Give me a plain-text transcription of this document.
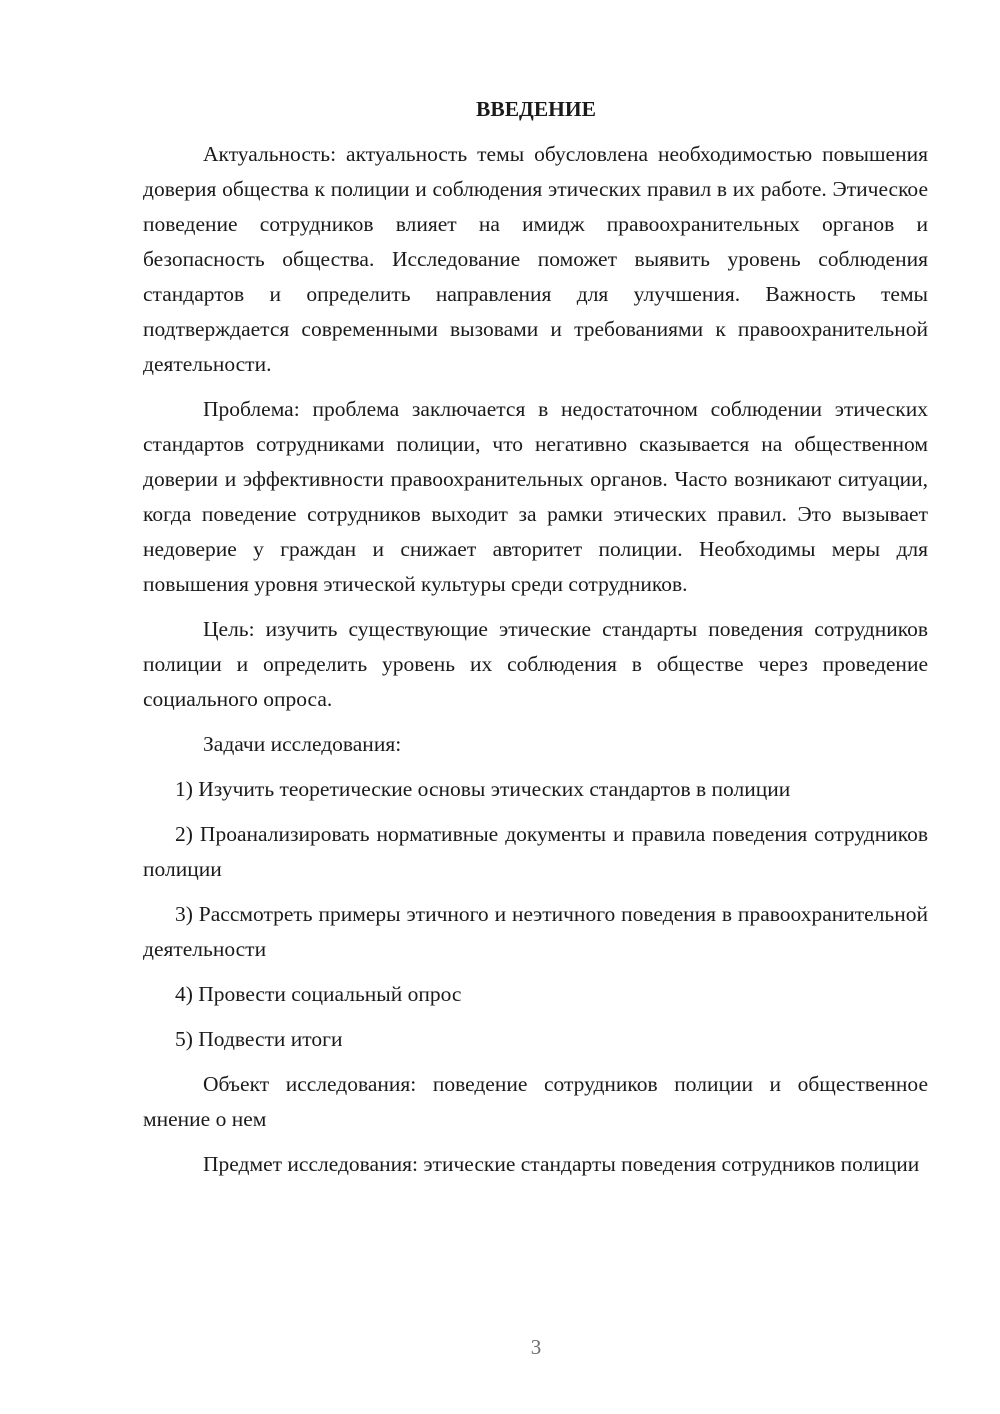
ВВЕДЕНИЕ

Актуальность: актуальность темы обусловлена необходимостью повышения доверия общества к полиции и соблюдения этических правил в их работе. Этическое поведение сотрудников влияет на имидж правоохранительных органов и безопасность общества. Исследование поможет выявить уровень соблюдения стандартов и определить направления для улучшения. Важность темы подтверждается современными вызовами и требованиями к правоохранительной деятельности.

Проблема: проблема заключается в недостаточном соблюдении этических стандартов сотрудниками полиции, что негативно сказывается на общественном доверии и эффективности правоохранительных органов. Часто возникают ситуации, когда поведение сотрудников выходит за рамки этических правил. Это вызывает недоверие у граждан и снижает авторитет полиции. Необходимы меры для повышения уровня этической культуры среди сотрудников.

Цель: изучить существующие этические стандарты поведения сотрудников полиции и определить уровень их соблюдения в обществе через проведение социального опроса.

Задачи исследования:

1) Изучить теоретические основы этических стандартов в полиции

2) Проанализировать нормативные документы и правила поведения сотрудников полиции

3) Рассмотреть примеры этичного и неэтичного поведения в правоохранительной деятельности

4) Провести социальный опрос

5) Подвести итоги

Объект исследования: поведение сотрудников полиции и общественное мнение о нем

Предмет исследования: этические стандарты поведения сотрудников полиции

3
